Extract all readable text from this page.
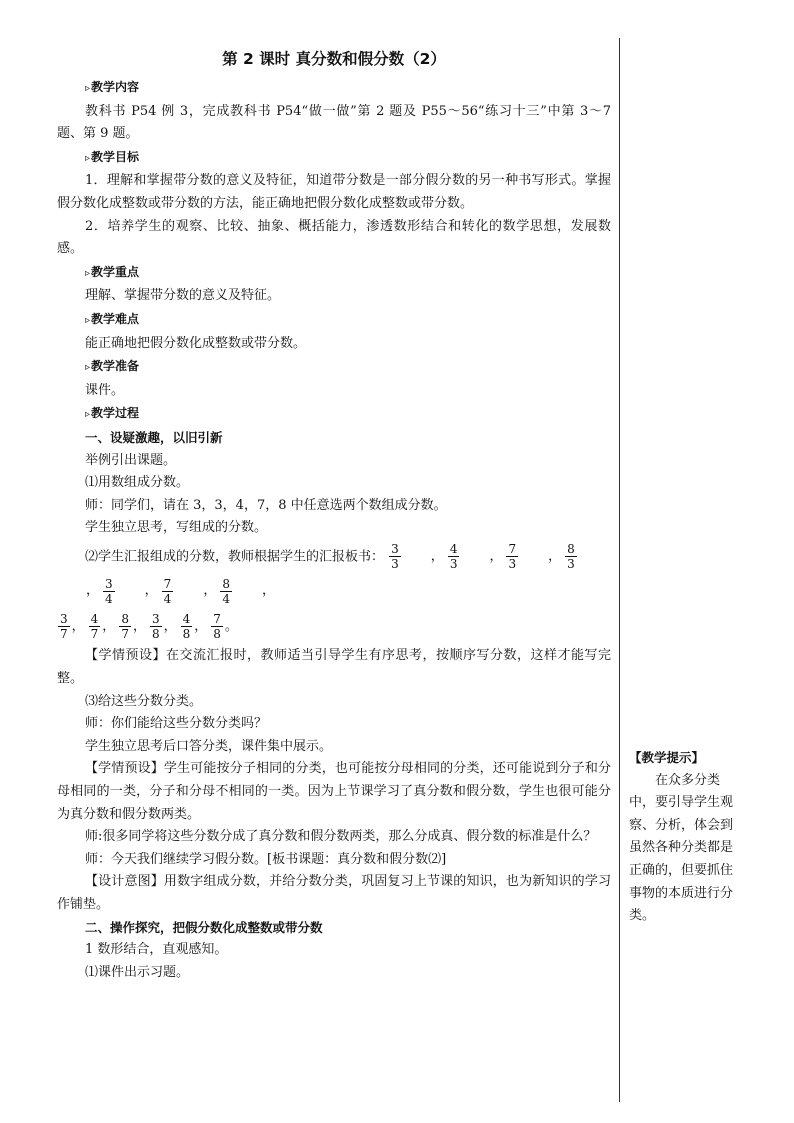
第 2 课时 真分数和假分数（2）
▹ 教学内容

教科书 P54 例 3，完成教科书 P54“做一做”第 2 题及 P55～56“练习十三”中第 3～7 题、第 9 题。

▹ 教学目标

1．理解和掌握带分数的意义及特征，知道带分数是一部分假分数的另一种书写形式。掌握假分数化成整数或带分数的方法，能正确地把假分数化成整数或带分数。

2．培养学生的观察、比较、抽象、概括能力，渗透数形结合和转化的数学思想，发展数感。

▹ 教学重点

理解、掌握带分数的意义及特征。

▹ 教学难点

能正确地把假分数化成整数或带分数。

▹ 教学准备

课件。

▹ 教学过程
一、设疑激趣，以旧引新

举例引出课题。

⑴用数组成分数。

师：同学们，请在 3，3，4，7，8 中任意选两个数组成分数。

学生独立思考，写组成的分数。

⑵学生汇报组成的分数，教师根据学生的汇报板书： $\frac{3}{3}$ ， $\frac{4}{3}$ ， $\frac{7}{3}$ ， $\frac{8}{3}$
， $\frac{3}{4}$ ， $\frac{7}{4}$ ， $\frac{8}{4}$ ，

$\frac{3}{7}$ ， $\frac{4}{7}$ ， $\frac{8}{7}$ ， $\frac{3}{8}$ ， $\frac{4}{8}$ ， $\frac{7}{8}$ 。

【学情预设】在交流汇报时，教师适当引导学生有序思考，按顺序写分数，这样才能写完整。

⑶给这些分数分类。

师：你们能给这些分数分类吗？

学生独立思考后口答分类，课件集中展示。

【学情预设】学生可能按分子相同的分类，也可能按分母相同的分类，还可能说到分子和分母相同的一类，分子和分母不相同的一类。因为上节课学习了真分数和假分数，学生也很可能分为真分数和假分数两类。

师:很多同学将这些分数分成了真分数和假分数两类，那么分成真、假分数的标准是什么？

师：今天我们继续学习假分数。[板书课题：真分数和假分数⑵]

【设计意图】用数字组成分数，并给分数分类，巩固复习上节课的知识，也为新知识的学习作铺垫。

二、操作探究，把假分数化成整数或带分数

1 数形结合，直观感知。

⑴课件出示习题。

【教学提示】

在众多分类中，要引导学生观察、分析，体会到虽然各种分类都是正确的，但要抓住事物的本质进行分类。
